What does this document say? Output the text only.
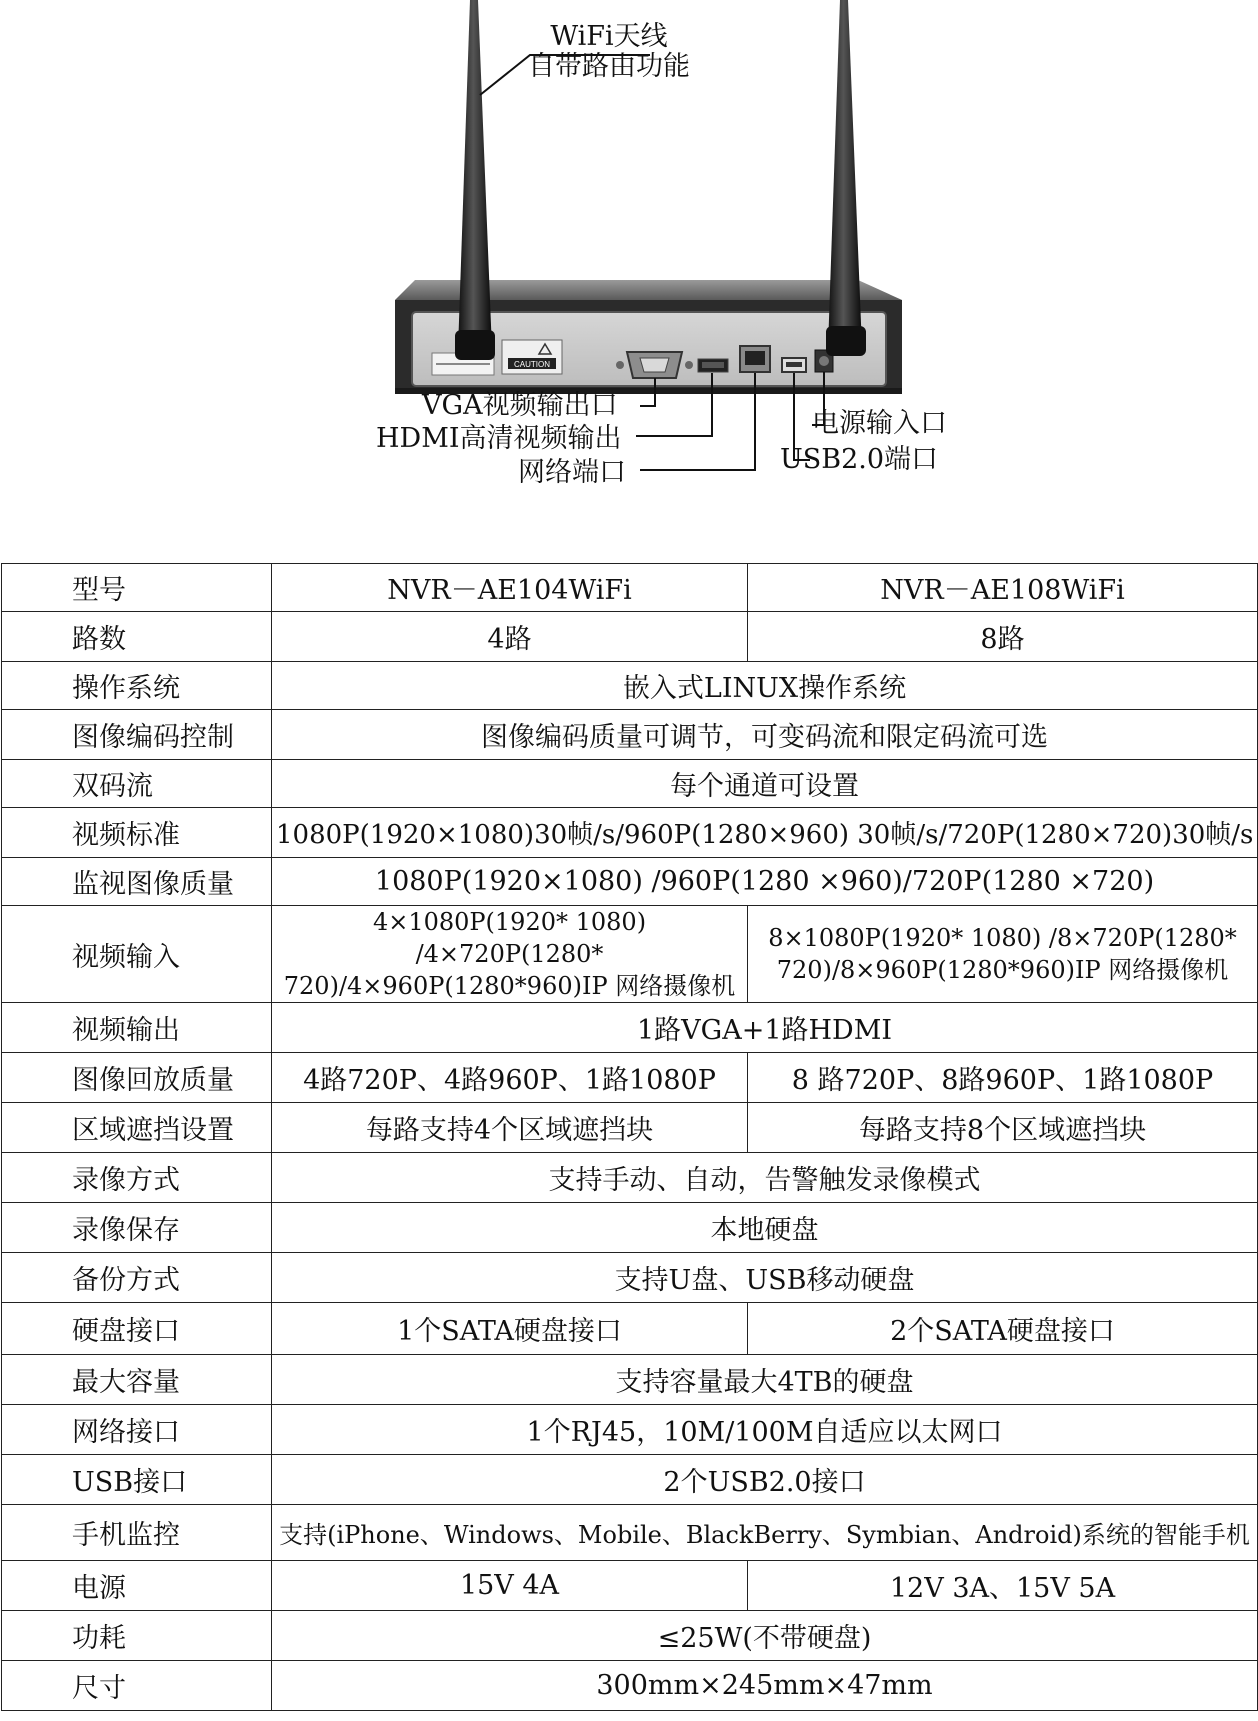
CAUTION
WiFi天线
自带路由功能
VGA视频输出口
HDMI高清视频输出
网络端口
电源输入口
USB2.0端口
型号	NVR－AE104WiFi	NVR－AE108WiFi
路数	4路	8路
操作系统	嵌入式LINUX操作系统	
图像编码控制	图像编码质量可调节，可变码流和限定码流可选	
双码流	每个通道可设置	
视频标准	1080P(1920×1080)30帧/s/960P(1280×960) 30帧/s/720P(1280×720)30帧/s	
监视图像质量	1080P(1920×1080) /960P(1280 ×960)/720P(1280 ×720)	
视频输入	4×1080P(1920* 1080) /4×720P(1280* 720)/4×960P(1280*960)IP 网络摄像机	8×1080P(1920* 1080) /8×720P(1280* 720)/8×960P(1280*960)IP 网络摄像机
视频输出	1路VGA+1路HDMI	
图像回放质量	4路720P、4路960P、1路1080P	8 路720P、8路960P、1路1080P
区域遮挡设置	每路支持4个区域遮挡块	每路支持8个区域遮挡块
录像方式	支持手动、自动，告警触发录像模式	
录像保存	本地硬盘	
备份方式	支持U盘、USB移动硬盘	
硬盘接口	1个SATA硬盘接口	2个SATA硬盘接口
最大容量	支持容量最大4TB的硬盘	
网络接口	1个RJ45，10M/100M自适应以太网口	
USB接口	2个USB2.0接口	
手机监控	支持(iPhone、Windows、Mobile、BlackBerry、Symbian、Android)系统的智能手机	
电源	15V 4A	12V 3A、15V 5A
功耗	≤25W(不带硬盘)	
尺寸	300mm×245mm×47mm	
